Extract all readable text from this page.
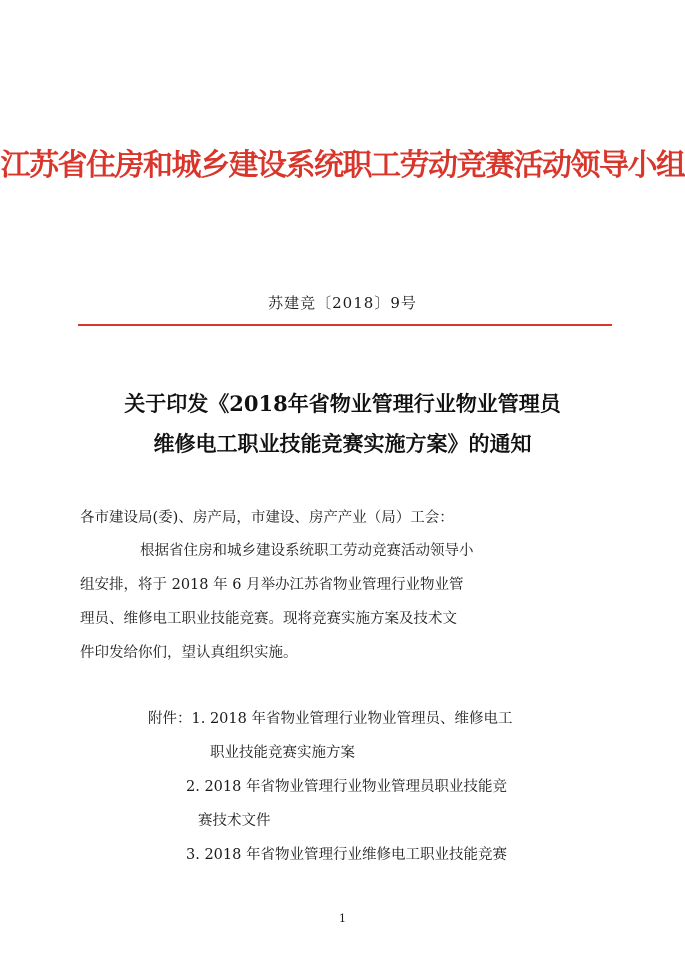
江苏省住房和城乡建设系统职工劳动竞赛活动领导小组
苏建竞〔2018〕9号
关于印发《2018年省物业管理行业物业管理员
维修电工职业技能竞赛实施方案》的通知
各市建设局(委)、房产局，市建设、房产产业（局）工会：
根据省住房和城乡建设系统职工劳动竞赛活动领导小
组安排，将于 2018 年 6 月举办江苏省物业管理行业物业管
理员、维修电工职业技能竞赛。现将竞赛实施方案及技术文
件印发给你们，望认真组织实施。
附件：1. 2018 年省物业管理行业物业管理员、维修电工
职业技能竞赛实施方案
2. 2018 年省物业管理行业物业管理员职业技能竞
赛技术文件
3. 2018 年省物业管理行业维修电工职业技能竞赛
1
